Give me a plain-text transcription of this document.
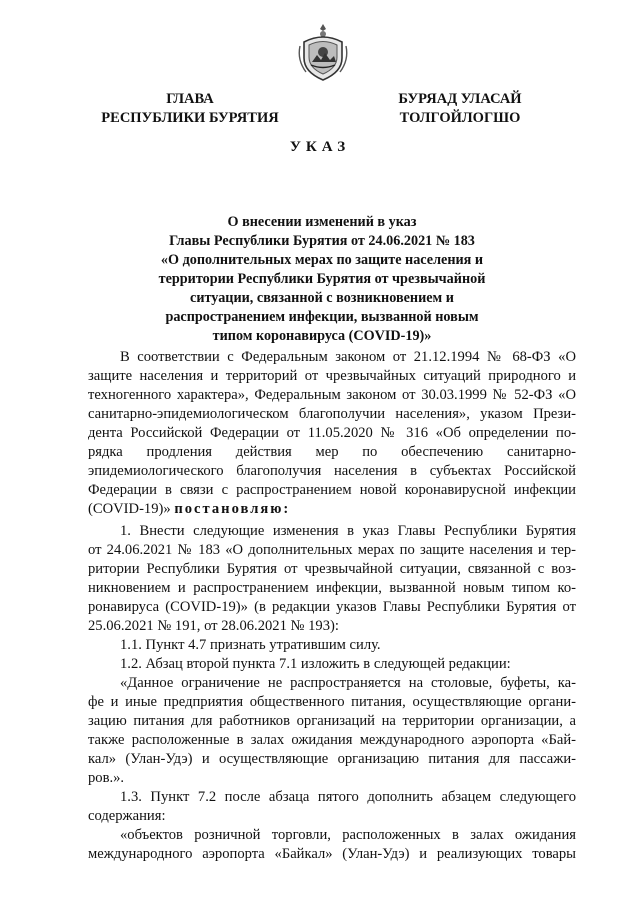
ГЛАВА
РЕСПУБЛИКИ БУРЯТИЯ
БУРЯАД УЛАСАЙ
ТОЛГОЙЛОГШО
УКАЗ
О внесении изменений в указ
Главы Республики Бурятия от 24.06.2021 № 183
«О дополнительных мерах по защите населения и
территории Республики Бурятия от чрезвычайной
ситуации, связанной с возникновением и
распространением инфекции, вызванной новым
типом коронавируса (COVID-19)»
В соответствии с Федеральным законом от 21.12.1994 № 68-ФЗ «О
защите населения и территорий от чрезвычайных ситуаций природного и
техногенного характера», Федеральным законом от 30.03.1999 № 52-ФЗ «О
санитарно-эпидемиологическом благополучии населения», указом Прези-
дента Российской Федерации от 11.05.2020 № 316 «Об определении по-
рядка продления действия мер по обеспечению санитарно-
эпидемиологического благополучия населения в субъектах Российской
Федерации в связи с распространением новой коронавирусной инфекции
(COVID-19)» постановляю:
1. Внести следующие изменения в указ Главы Республики Бурятия
от 24.06.2021 № 183 «О дополнительных мерах по защите населения и тер-
ритории Республики Бурятия от чрезвычайной ситуации, связанной с воз-
никновением и распространением инфекции, вызванной новым типом ко-
ронавируса (COVID-19)» (в редакции указов Главы Республики Бурятия от
25.06.2021 № 191, от 28.06.2021 № 193):
1.1. Пункт 4.7 признать утратившим силу.
1.2. Абзац второй пункта 7.1 изложить в следующей редакции:
«Данное ограничение не распространяется на столовые, буфеты, ка-
фе и иные предприятия общественного питания, осуществляющие органи-
зацию питания для работников организаций на территории организации, а
также расположенные в залах ожидания международного аэропорта «Бай-
кал» (Улан-Удэ) и осуществляющие организацию питания для пассажи-
ров.».
1.3. Пункт 7.2 после абзаца пятого дополнить абзацем следующего
содержания:
«объектов розничной торговли, расположенных в залах ожидания
международного аэропорта «Байкал» (Улан-Удэ) и реализующих товары
